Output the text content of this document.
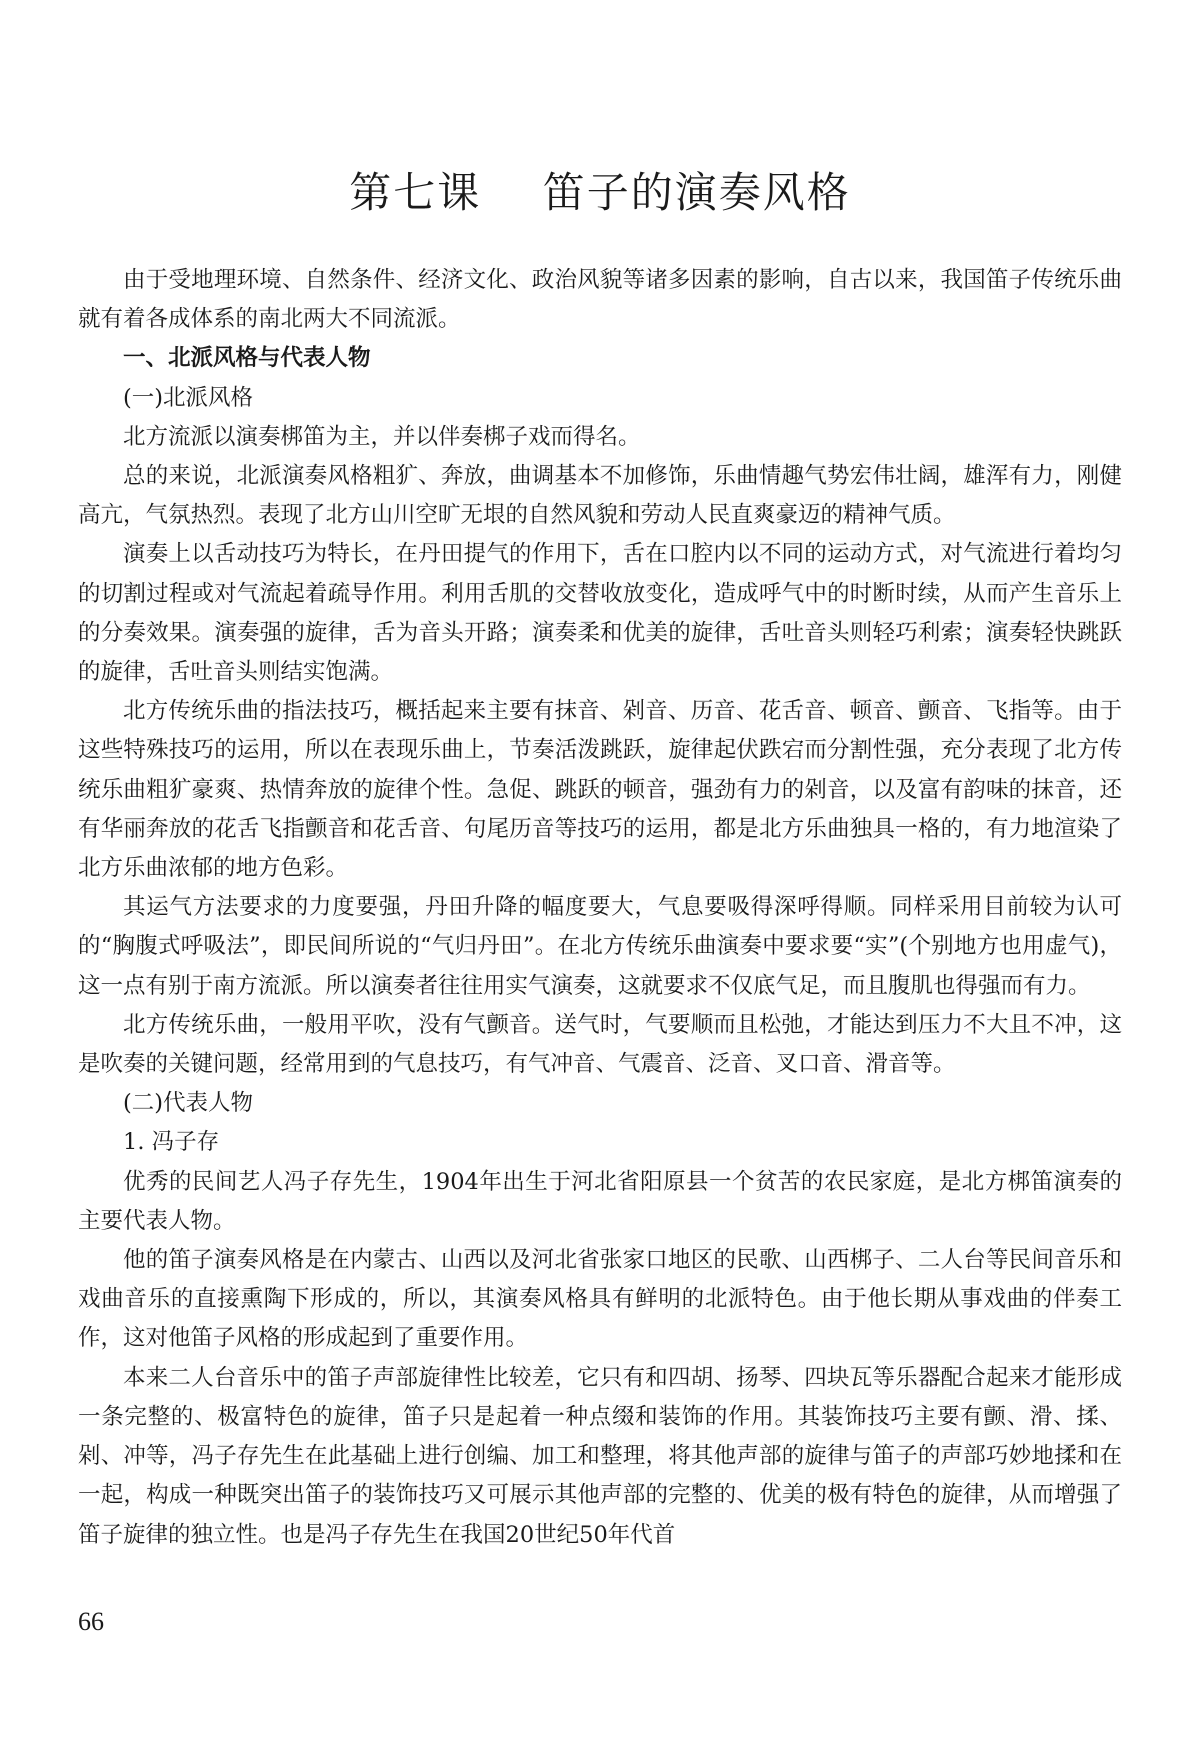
第七课    笛子的演奏风格

由于受地理环境、自然条件、经济文化、政治风貌等诸多因素的影响，自古以来，我国笛子传统乐曲就有着各成体系的南北两大不同流派。

一、北派风格与代表人物

(一)北派风格

北方流派以演奏梆笛为主，并以伴奏梆子戏而得名。

总的来说，北派演奏风格粗犷、奔放，曲调基本不加修饰，乐曲情趣气势宏伟壮阔，雄浑有力，刚健高亢，气氛热烈。表现了北方山川空旷无垠的自然风貌和劳动人民直爽豪迈的精神气质。

演奏上以舌动技巧为特长，在丹田提气的作用下，舌在口腔内以不同的运动方式，对气流进行着均匀的切割过程或对气流起着疏导作用。利用舌肌的交替收放变化，造成呼气中的时断时续，从而产生音乐上的分奏效果。演奏强的旋律，舌为音头开路；演奏柔和优美的旋律，舌吐音头则轻巧利索；演奏轻快跳跃的旋律，舌吐音头则结实饱满。

北方传统乐曲的指法技巧，概括起来主要有抹音、剁音、历音、花舌音、顿音、颤音、飞指等。由于这些特殊技巧的运用，所以在表现乐曲上，节奏活泼跳跃，旋律起伏跌宕而分割性强，充分表现了北方传统乐曲粗犷豪爽、热情奔放的旋律个性。急促、跳跃的顿音，强劲有力的剁音，以及富有韵味的抹音，还有华丽奔放的花舌飞指颤音和花舌音、句尾历音等技巧的运用，都是北方乐曲独具一格的，有力地渲染了北方乐曲浓郁的地方色彩。

其运气方法要求的力度要强，丹田升降的幅度要大，气息要吸得深呼得顺。同样采用目前较为认可的“胸腹式呼吸法”，即民间所说的“气归丹田”。在北方传统乐曲演奏中要求要“实”(个别地方也用虚气)，这一点有别于南方流派。所以演奏者往往用实气演奏，这就要求不仅底气足，而且腹肌也得强而有力。

北方传统乐曲，一般用平吹，没有气颤音。送气时，气要顺而且松弛，才能达到压力不大且不冲，这是吹奏的关键问题，经常用到的气息技巧，有气冲音、气震音、泛音、叉口音、滑音等。

(二)代表人物

1. 冯子存

优秀的民间艺人冯子存先生，1904年出生于河北省阳原县一个贫苦的农民家庭，是北方梆笛演奏的主要代表人物。

他的笛子演奏风格是在内蒙古、山西以及河北省张家口地区的民歌、山西梆子、二人台等民间音乐和戏曲音乐的直接熏陶下形成的，所以，其演奏风格具有鲜明的北派特色。由于他长期从事戏曲的伴奏工作，这对他笛子风格的形成起到了重要作用。

本来二人台音乐中的笛子声部旋律性比较差，它只有和四胡、扬琴、四块瓦等乐器配合起来才能形成一条完整的、极富特色的旋律，笛子只是起着一种点缀和装饰的作用。其装饰技巧主要有颤、滑、揉、剁、冲等，冯子存先生在此基础上进行创编、加工和整理，将其他声部的旋律与笛子的声部巧妙地揉和在一起，构成一种既突出笛子的装饰技巧又可展示其他声部的完整的、优美的极有特色的旋律，从而增强了笛子旋律的独立性。也是冯子存先生在我国20世纪50年代首

66
